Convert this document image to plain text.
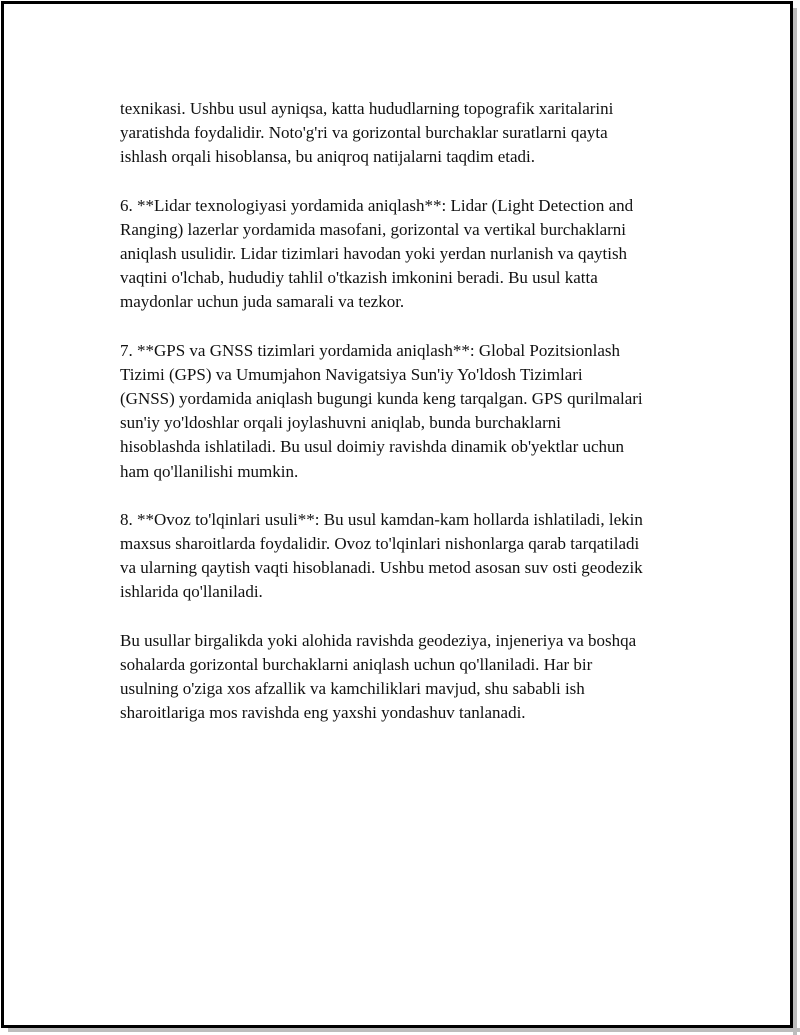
texnikasi. Ushbu usul ayniqsa, katta hududlarning topografik xaritalarini
yaratishda foydalidir. Noto'g'ri va gorizontal burchaklar suratlarni qayta
ishlash orqali hisoblansa, bu aniqroq natijalarni taqdim etadi.

6. **Lidar texnologiyasi yordamida aniqlash**: Lidar (Light Detection and
Ranging) lazerlar yordamida masofani, gorizontal va vertikal burchaklarni
aniqlash usulidir. Lidar tizimlari havodan yoki yerdan nurlanish va qaytish
vaqtini o'lchab, hududiy tahlil o'tkazish imkonini beradi. Bu usul katta
maydonlar uchun juda samarali va tezkor.

7. **GPS va GNSS tizimlari yordamida aniqlash**: Global Pozitsionlash
Tizimi (GPS) va Umumjahon Navigatsiya Sun'iy Yo'ldosh Tizimlari
(GNSS) yordamida aniqlash bugungi kunda keng tarqalgan. GPS qurilmalari
sun'iy yo'ldoshlar orqali joylashuvni aniqlab, bunda burchaklarni
hisoblashda ishlatiladi. Bu usul doimiy ravishda dinamik ob'yektlar uchun
ham qo'llanilishi mumkin.

8. **Ovoz to'lqinlari usuli**: Bu usul kamdan-kam hollarda ishlatiladi, lekin
maxsus sharoitlarda foydalidir. Ovoz to'lqinlari nishonlarga qarab tarqatiladi
va ularning qaytish vaqti hisoblanadi. Ushbu metod asosan suv osti geodezik
ishlarida qo'llaniladi.

Bu usullar birgalikda yoki alohida ravishda geodeziya, injeneriya va boshqa
sohalarda gorizontal burchaklarni aniqlash uchun qo'llaniladi. Har bir
usulning o'ziga xos afzallik va kamchiliklari mavjud, shu sababli ish
sharoitlariga mos ravishda eng yaxshi yondashuv tanlanadi.
